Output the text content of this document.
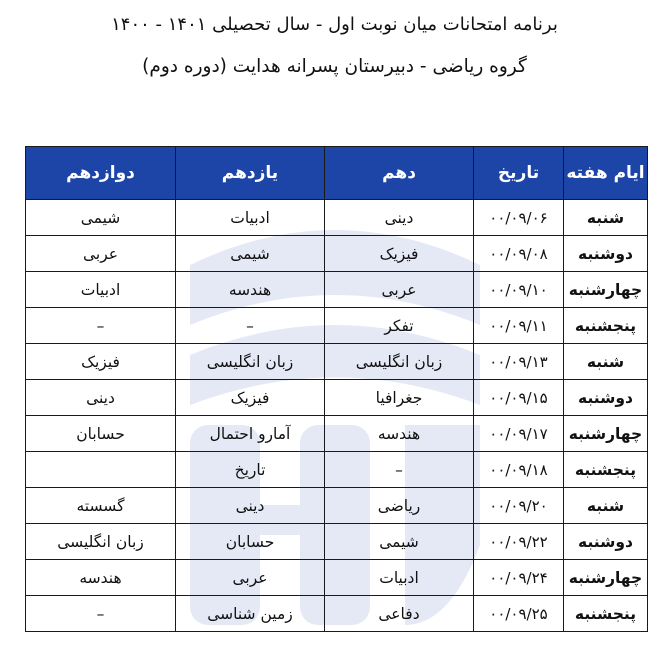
برنامه امتحانات میان نوبت اول - سال تحصیلی ۱۴۰۱ - ۱۴۰۰
گروه ریاضی - دبیرستان پسرانه هدایت (دوره دوم)
ایام هفته	تاریخ	دهم	یازدهم	دوازدهم
شنبه	۰۰/۰۹/۰۶	دینی	ادبیات	شیمی
دوشنبه	۰۰/۰۹/۰۸	فیزیک	شیمی	عربی
چهارشنبه	۰۰/۰۹/۱۰	عربی	هندسه	ادبیات
پنجشنبه	۰۰/۰۹/۱۱	تفکر	–	–
شنبه	۰۰/۰۹/۱۳	زبان انگلیسی	زبان انگلیسی	فیزیک
دوشنبه	۰۰/۰۹/۱۵	جغرافیا	فیزیک	دینی
چهارشنبه	۰۰/۰۹/۱۷	هندسه	آمارو احتمال	حسابان
پنجشنبه	۰۰/۰۹/۱۸	–	تاریخ	
شنبه	۰۰/۰۹/۲۰	ریاضی	دینی	گسسته
دوشنبه	۰۰/۰۹/۲۲	شیمی	حسابان	زبان انگلیسی
چهارشنبه	۰۰/۰۹/۲۴	ادبیات	عربی	هندسه
پنجشنبه	۰۰/۰۹/۲۵	دفاعی	زمین شناسی	–
